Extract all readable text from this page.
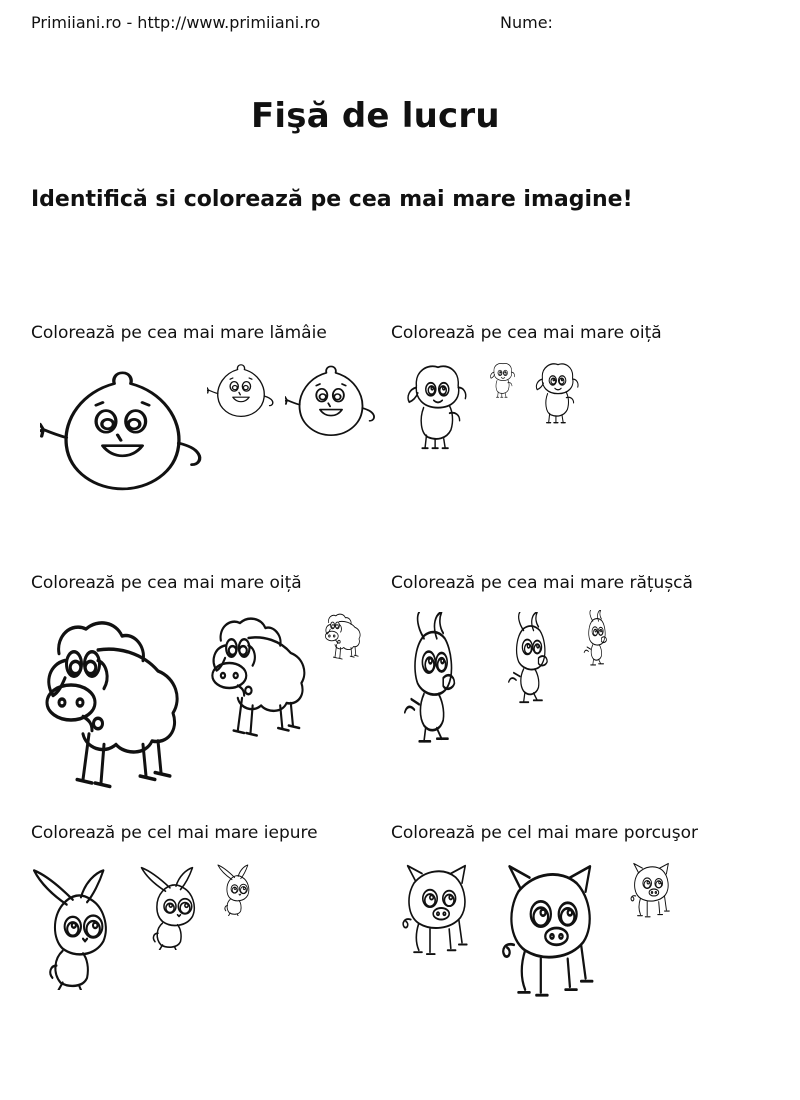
Primiiani.ro - http://www.primiiani.ro	Nume:
Fişă de lucru
Identifică si colorează pe cea mai mare imagine!
Colorează pe cea mai mare lămâie	Colorează pe cea mai mare oiță
Colorează pe cea mai mare oiță	Colorează pe cea mai mare rățușcă
Colorează pe cel mai mare iepure	Colorează pe cel mai mare porcuşor
